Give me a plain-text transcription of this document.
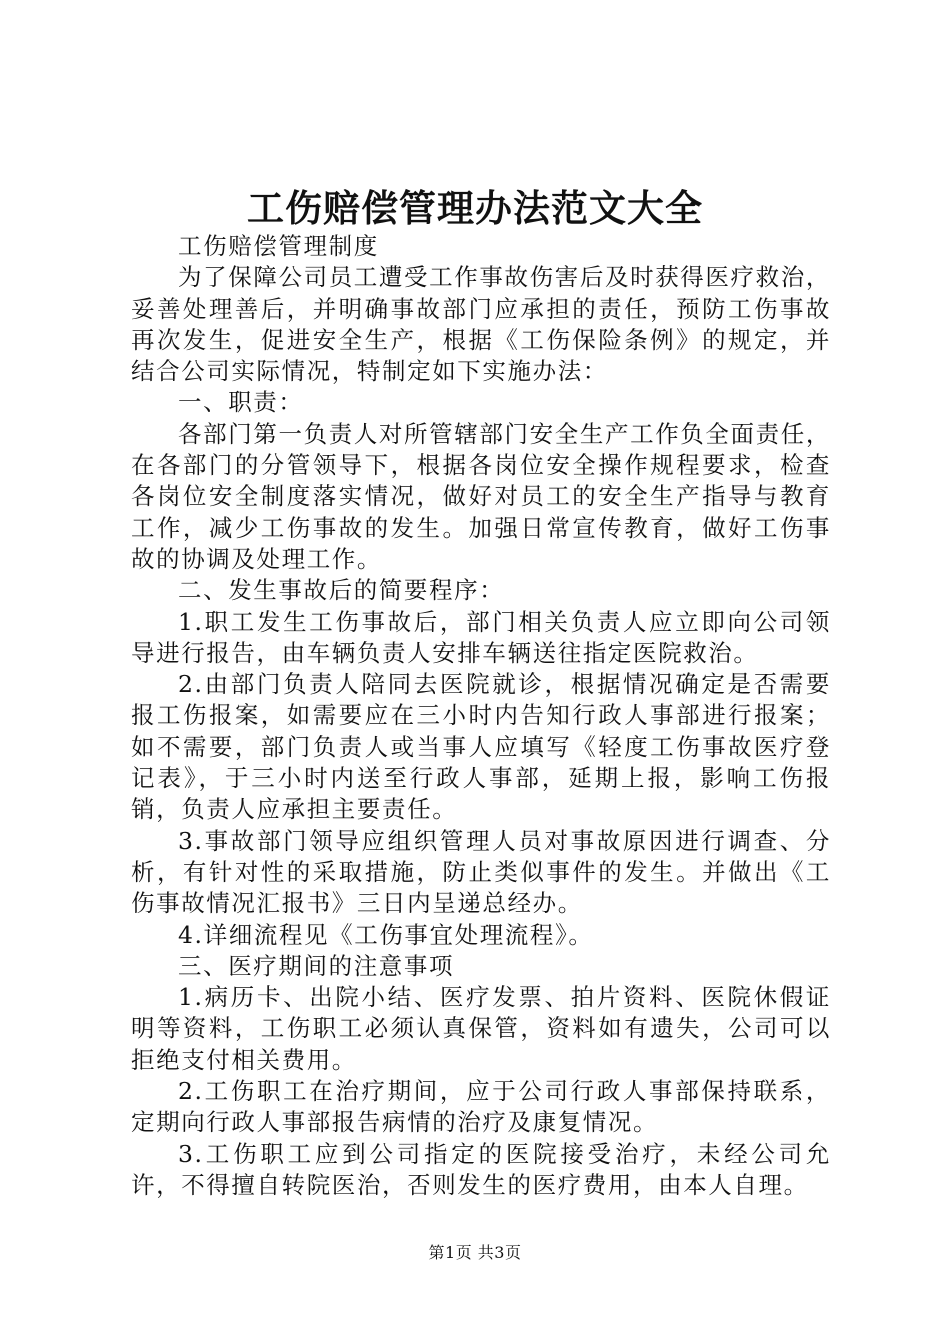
工伤赔偿管理办法范文大全

工伤赔偿管理制度

为了保障公司员工遭受工作事故伤害后及时获得医疗救治，妥善处理善后，并明确事故部门应承担的责任，预防工伤事故再次发生，促进安全生产，根据《工伤保险条例》的规定，并结合公司实际情况，特制定如下实施办法：

一、职责：

各部门第一负责人对所管辖部门安全生产工作负全面责任，在各部门的分管领导下，根据各岗位安全操作规程要求，检查各岗位安全制度落实情况，做好对员工的安全生产指导与教育工作，减少工伤事故的发生。加强日常宣传教育，做好工伤事故的协调及处理工作。

二、发生事故后的简要程序：

1.职工发生工伤事故后，部门相关负责人应立即向公司领导进行报告，由车辆负责人安排车辆送往指定医院救治。

2.由部门负责人陪同去医院就诊，根据情况确定是否需要报工伤报案，如需要应在三小时内告知行政人事部进行报案；如不需要，部门负责人或当事人应填写《轻度工伤事故医疗登记表》，于三小时内送至行政人事部，延期上报，影响工伤报销，负责人应承担主要责任。

3.事故部门领导应组织管理人员对事故原因进行调查、分析，有针对性的采取措施，防止类似事件的发生。并做出《工伤事故情况汇报书》三日内呈递总经办。

4.详细流程见《工伤事宜处理流程》。

三、医疗期间的注意事项

1.病历卡、出院小结、医疗发票、拍片资料、医院休假证明等资料，工伤职工必须认真保管，资料如有遗失，公司可以拒绝支付相关费用。

2.工伤职工在治疗期间，应于公司行政人事部保持联系，定期向行政人事部报告病情的治疗及康复情况。

3.工伤职工应到公司指定的医院接受治疗，未经公司允许，不得擅自转院医治，否则发生的医疗费用，由本人自理。

第1页 共3页
